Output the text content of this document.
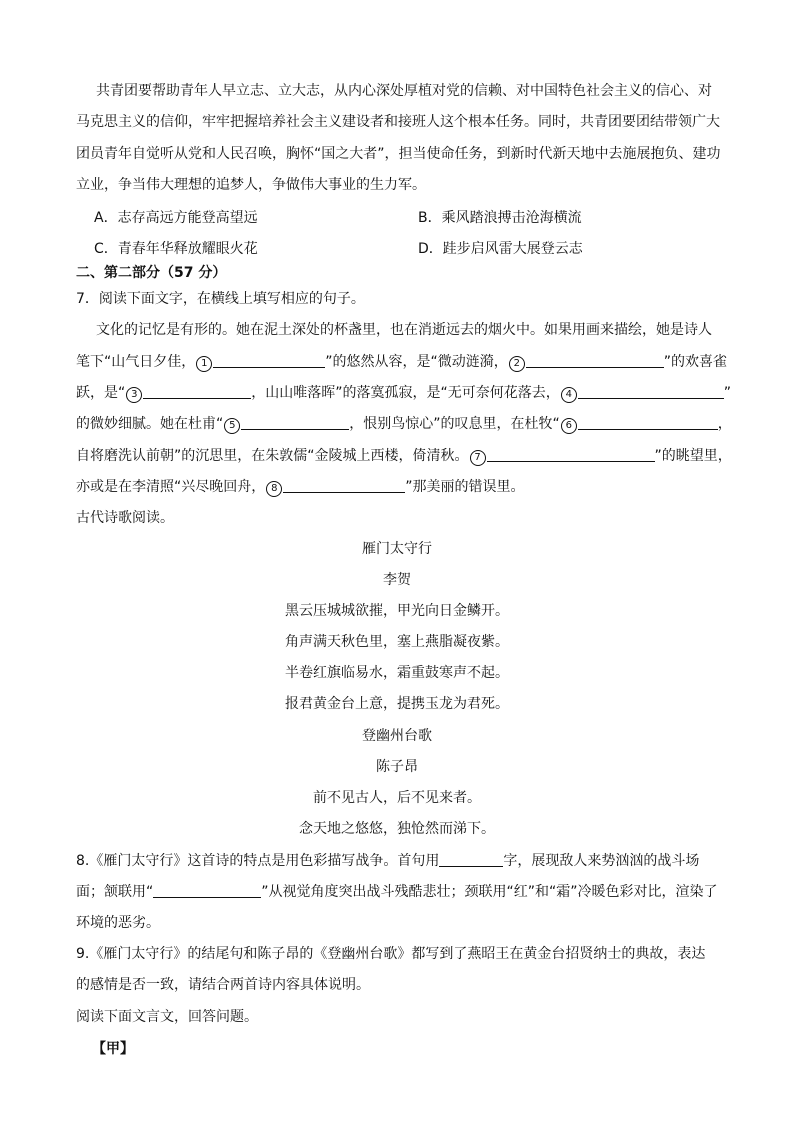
共青团要帮助青年人早立志、立大志，从内心深处厚植对党的信赖、对中国特色社会主义的信心、对
马克思主义的信仰，牢牢把握培养社会主义建设者和接班人这个根本任务。同时，共青团要团结带领广大
团员青年自觉听从党和人民召唤，胸怀“国之大者”，担当使命任务，到新时代新天地中去施展抱负、建功
立业，争当伟大理想的追梦人，争做伟大事业的生力军。
A．志存高远方能登高望远	B．乘风踏浪搏击沧海横流
C．青春年华释放耀眼火花	D．跬步启风雷大展登云志
二、第二部分（57 分）
7．阅读下面文字，在横线上填写相应的句子。
文化的记忆是有形的。她在泥土深处的杯盏里，也在消逝远去的烟火中。如果用画来描绘，她是诗人
笔下“山气日夕佳， 1	”的悠然从容，是“微动涟漪， 2	”的欢喜雀
跃，是“ 3	，山山唯落晖”的落寞孤寂，是“无可奈何花落去， 4	”
的微妙细腻。她在杜甫“ 5	，恨别鸟惊心”的叹息里，在杜牧“ 6	，
自将磨洗认前朝”的沉思里，在朱敦儒“金陵城上西楼，倚清秋。 7	”的眺望里，
亦或是在李清照“兴尽晚回舟， 8	”那美丽的错误里。
古代诗歌阅读。
雁门太守行
李贺
黑云压城城欲摧，甲光向日金鳞开。
角声满天秋色里，塞上燕脂凝夜紫。
半卷红旗临易水，霜重鼓寒声不起。
报君黄金台上意，提携玉龙为君死。
登幽州台歌
陈子昂
前不见古人，后不见来者。
念天地之悠悠，独怆然而涕下。
8.《雁门太守行》这首诗的特点是用色彩描写战争。首句用	字，展现敌人来势汹汹的战斗场
面；颔联用“	”从视觉角度突出战斗残酷悲壮；颈联用“红”和“霜”冷暖色彩对比，渲染了
环境的恶劣。
9.《雁门太守行》的结尾句和陈子昂的《登幽州台歌》都写到了燕昭王在黄金台招贤纳士的典故，表达
的感情是否一致，请结合两首诗内容具体说明。
阅读下面文言文，回答问题。
【甲】
